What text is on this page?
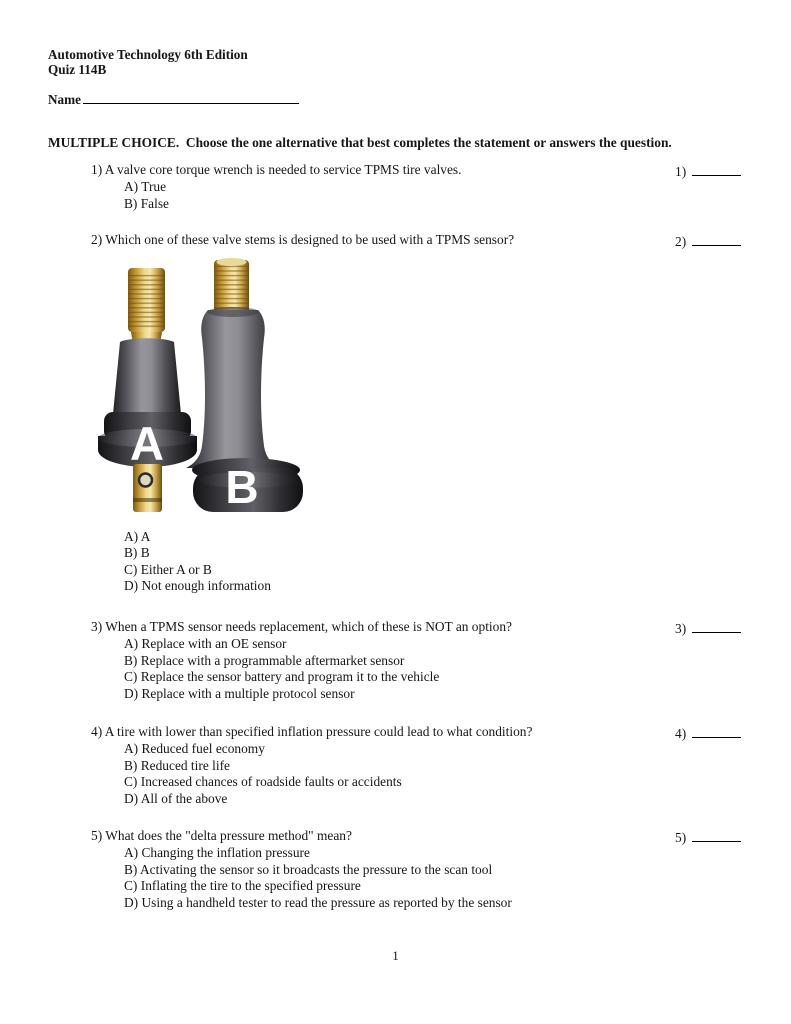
Automotive Technology 6th Edition
Quiz 114B
Name
MULTIPLE CHOICE.  Choose the one alternative that best completes the statement or answers the question.
1) A valve core torque wrench is needed to service TPMS tire valves.
A) True
B) False
1)
2) Which one of these valve stems is designed to be used with a TPMS sensor?	2)
A
B
A) A
B) B
C) Either A or B
D) Not enough information
3) When a TPMS sensor needs replacement, which of these is NOT an option?
A) Replace with an OE sensor
B) Replace with a programmable aftermarket sensor
C) Replace the sensor battery and program it to the vehicle
D) Replace with a multiple protocol sensor
3)
4) A tire with lower than specified inflation pressure could lead to what condition?
A) Reduced fuel economy
B) Reduced tire life
C) Increased chances of roadside faults or accidents
D) All of the above
4)
5) What does the "delta pressure method" mean?
A) Changing the inflation pressure
B) Activating the sensor so it broadcasts the pressure to the scan tool
C) Inflating the tire to the specified pressure
D) Using a handheld tester to read the pressure as reported by the sensor
5)
1
